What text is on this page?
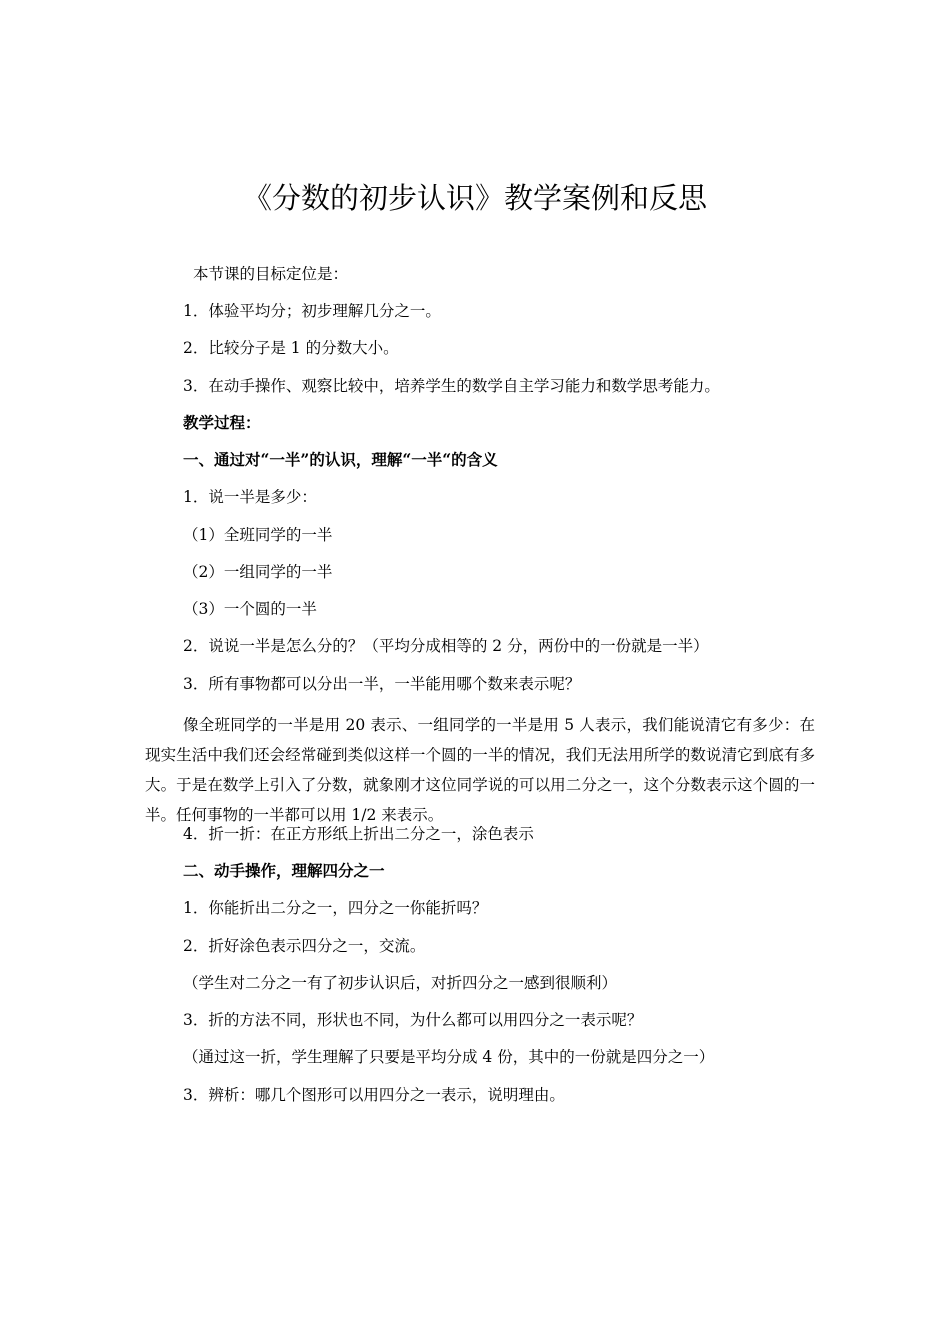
《分数的初步认识》教学案例和反思
本节课的目标定位是：
1．体验平均分；初步理解几分之一。
2．比较分子是 1 的分数大小。
3．在动手操作、观察比较中，培养学生的数学自主学习能力和数学思考能力。
教学过程：
一、通过对“一半”的认识，理解“一半“的含义
1．说一半是多少：
（1）全班同学的一半
（2）一组同学的一半
（3）一个圆的一半
2．说说一半是怎么分的？（平均分成相等的 2 分，两份中的一份就是一半）
3．所有事物都可以分出一半，一半能用哪个数来表示呢？
像全班同学的一半是用 20 表示、一组同学的一半是用 5 人表示，我们能说清它有多少：在现实生活中我们还会经常碰到类似这样一个圆的一半的情况，我们无法用所学的数说清它到底有多大。于是在数学上引入了分数，就象刚才这位同学说的可以用二分之一，这个分数表示这个圆的一半。任何事物的一半都可以用 1/2 来表示。
4．折一折：在正方形纸上折出二分之一，涂色表示
二、动手操作，理解四分之一
1．你能折出二分之一，四分之一你能折吗？
2．折好涂色表示四分之一，交流。
（学生对二分之一有了初步认识后，对折四分之一感到很顺利）
3．折的方法不同，形状也不同，为什么都可以用四分之一表示呢？
（通过这一折，学生理解了只要是平均分成 4 份，其中的一份就是四分之一）
3．辨析：哪几个图形可以用四分之一表示，说明理由。
